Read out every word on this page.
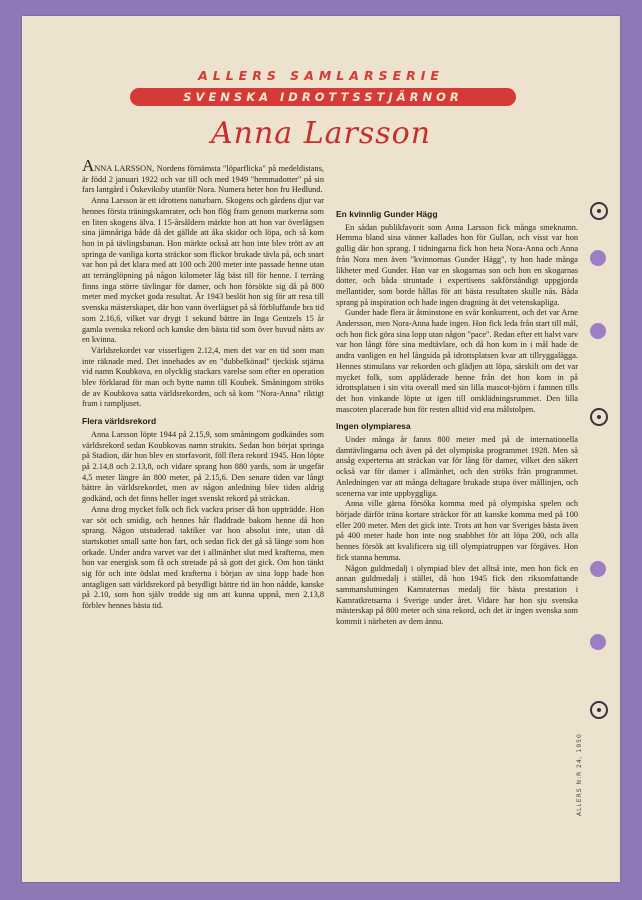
ALLERS SAMLARSERIE
SVENSKA IDROTTSSTJÄRNOR
Anna Larsson

ANNA LARSSON, Nordens förnämsta "löparflicka" på medeldistans, är född 2 januari 1922 och var till och med 1949 "hemmadotter" på sin fars lantgård i Öskeviksby utanför Nora. Numera heter hon fru Hedlund.

Anna Larsson är ett idrottens naturbarn. Skogens och gårdens djur var hennes första träningskamrater, och hon flög fram genom markerna som en liten skogens älva. I 15-årsåldern märkte hon att hon var överlägsen sina jämnåriga både då det gällde att åka skidor och löpa, och så kom hon in på tävlingsbanan. Hon märkte också att hon inte blev trött av att springa de vanliga korta sträckor som flickor brukade tävla på, och snart var hon på det klara med att 100 och 200 meter inte passade henne utan att terränglöpning på någon kilometer låg bäst till för henne. I terräng finns inga större tävlingar för damer, och hon försökte sig då på 800 meter med mycket goda resultat. År 1943 beslöt hon sig för att resa till svenska mästerskapet, där hon vann överlägset på så förbluffande bra tid som 2.16,6, vilket var drygt 1 sekund bättre än Inga Gentzels 15 år gamla svenska rekord och kanske den bästa tid som över huvud nåtts av en kvinna.

Världsrekordet var visserligen 2.12,4, men det var en tid som man inte räknade med. Det innehades av en "dubbelkönad" tjeckisk stjärna vid namn Koubkova, en olycklig stackars varelse som efter en operation blev förklarad för man och bytte namn till Koubek. Småningom ströks de av Koubkova satta världsrekorden, och så kom "Nora-Anna" riktigt fram i rampljuset.

Flera världsrekord

Anna Larsson löpte 1944 på 2.15,9, som småningom godkändes som världsrekord sedan Koubkovas namn strukits. Sedan hon börjat springa på Stadion, där hon blev en storfavorit, föll flera rekord 1945. Hon löpte på 2.14,8 och 2.13,8, och vidare sprang hon 880 yards, som är ungefär 4,5 meter längre än 800 meter, på 2.15,6. Den senare tiden var långt bättre än världsrekordet, men av någon anledning blev tiden aldrig godkänd, och det finns heller inget svenskt rekord på sträckan.

Anna drog mycket folk och fick vackra priser då hon uppträdde. Hon var söt och smidig, och hennes hår fladdrade bakom henne då hon sprang. Någon utstuderad taktiker var hon absolut inte, utan då startskottet small satte hon fart, och sedan fick det gå så länge som hon orkade. Under andra varvet var det i allmänhet slut med krafterna, men hon var energisk som få och stretade på så gott det gick. Om hon tänkt sig för och inte ödslat med krafterna i början av sina lopp hade hon antagligen satt världsrekord på betydligt bättre tid än hon nådde, kanske på 2.10, som hon själv trodde sig om att kunna uppnå, men 2.13,8 förblev hennes bästa tid.

En kvinnlig Gunder Hägg

En sådan publikfavorit som Anna Larsson fick många smeknamn. Hemma bland sina vänner kallades hon för Gullan, och visst var hon gullig där hon sprang. I tidningarna fick hon heta Nora-Anna och Anna från Nora men även "kvinnornas Gunder Hägg", ty hon hade många likheter med Gunder. Han var en skogarnas son och hon en skogarnas dotter, och båda struntade i expertisens sakförståndigt uppgjorda mellantider, som borde hållas för att bästa resultaten skulle nås. Båda sprang på inspiration och hade ingen dragning åt det vetenskapliga.

Gunder hade flera är åtminstone en svår konkurrent, och det var Arne Andersson, men Nora-Anna hade ingen. Hon fick leda från start till mål, och hon fick göra sina lopp utan någon "pace". Redan efter ett halvt varv var hon långt före sina medtävlare, och då hon kom in i mål hade de andra vanligen en hel långsida på idrottsplatsen kvar att tillryggalägga. Hennes stimulans var rekorden och glädjen att löpa, särskilt om det var mycket folk, som applåderade henne från det hon kom in på idrottsplatsen i sin vita overall med sin lilla mascot-björn i famnen tills det hon vinkande löpte ut igen till omklädningsrummet. Den lilla mascoten placerade hon för resten alltid vid ena målstolpen.

Ingen olympiaresa

Under många år fanns 800 meter med på de internationella damtävlingarna och även på det olympiska programmet 1928. Men så ansåg experterna att sträckan var för lång för damer, vilket den säkert också var för damer i allmänhet, och den ströks från programmet. Anledningen var att många deltagare brukade stupa över mållinjen, och scenerna var inte uppbyggliga.

Anna ville gärna försöka komma med på olympiska spelen och började därför träna kortare sträckor för att kanske komma med på 100 eller 200 meter. Men det gick inte. Trots att hon var Sveriges bästa även på 400 meter hade hon inte nog snabbhet för att löpa 200, och alla hennes försök att kvalificera sig till olympiatruppen var förgäves. Hon fick stanna hemma.

Någon guldmedalj i olympiad blev det alltså inte, men hon fick en annan guldmedalj i stället, då hon 1945 fick den riksomfattande sammanslutningen Kamraternas medalj för bästa prestation i Kamratkretsarna i Sverige under året. Vidare har hon sju svenska mästerskap på 800 meter och sina rekord, och det är ingen svenska som kommit i närheten av dem ännu.

ALLERS N:R 24, 1950
